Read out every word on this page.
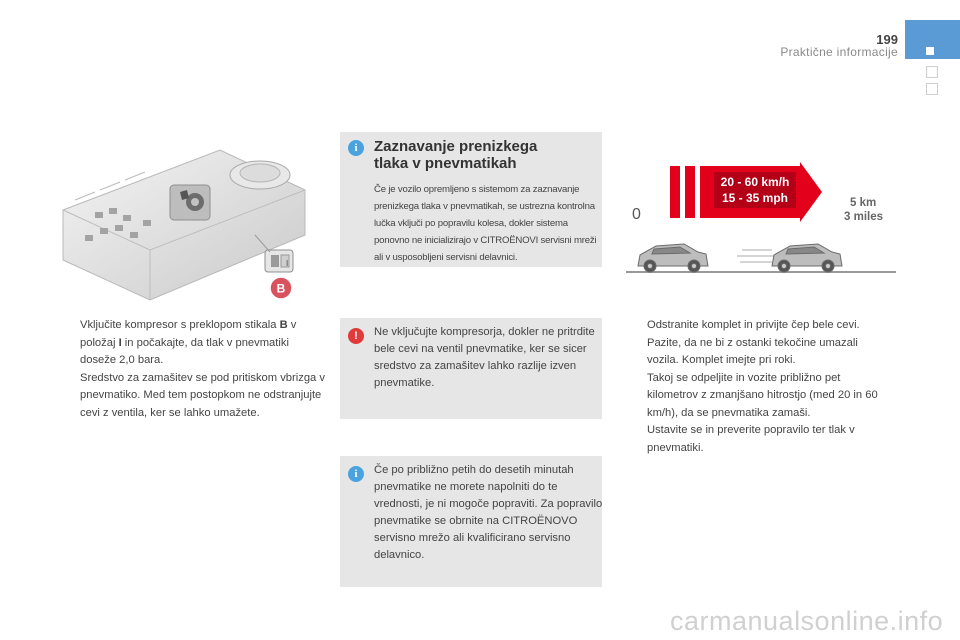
199
Praktične informacije
B
I
i	Zaznavanje prenizkega
tlaka v pnevmatikah
Če je vozilo opremljeno s sistemom za zaznavanje prenizkega tlaka v pnevmatikah, se ustrezna kontrolna lučka vključi po popravilu kolesa, dokler sistema ponovno ne inicializirajo v CITROËNOVI servisni mreži ali v usposobljeni servisni delavnici.
!	Ne vključujte kompresorja, dokler ne pritrdite bele cevi na ventil pnevmatike, ker se sicer sredstvo za zamašitev lahko razlije izven pnevmatike.
i	Če po približno petih do desetih minutah pnevmatike ne morete napolniti do te vrednosti, je ni mogoče popraviti. Za popravilo pnevmatike se obrnite na CITROËNOVO servisno mrežo ali kvalificirano servisno delavnico.
20 - 60 km/h
15 - 35 mph
0
5 km
3 miles
Vključite kompresor s preklopom stikala B v položaj I in počakajte, da tlak v pnevmatiki doseže 2,0 bara.
Sredstvo za zamašitev se pod pritiskom vbrizga v pnevmatiko. Med tem postopkom ne odstranjujte cevi z ventila, ker se lahko umažete.
Odstranite komplet in privijte čep bele cevi. Pazite, da ne bi z ostanki tekočine umazali vozila. Komplet imejte pri roki.
Takoj se odpeljite in vozite približno pet kilometrov z zmanjšano hitrostjo (med 20 in 60 km/h), da se pnevmatika zamaši.
Ustavite se in preverite popravilo ter tlak v pnevmatiki.
carmanualsonline.info
